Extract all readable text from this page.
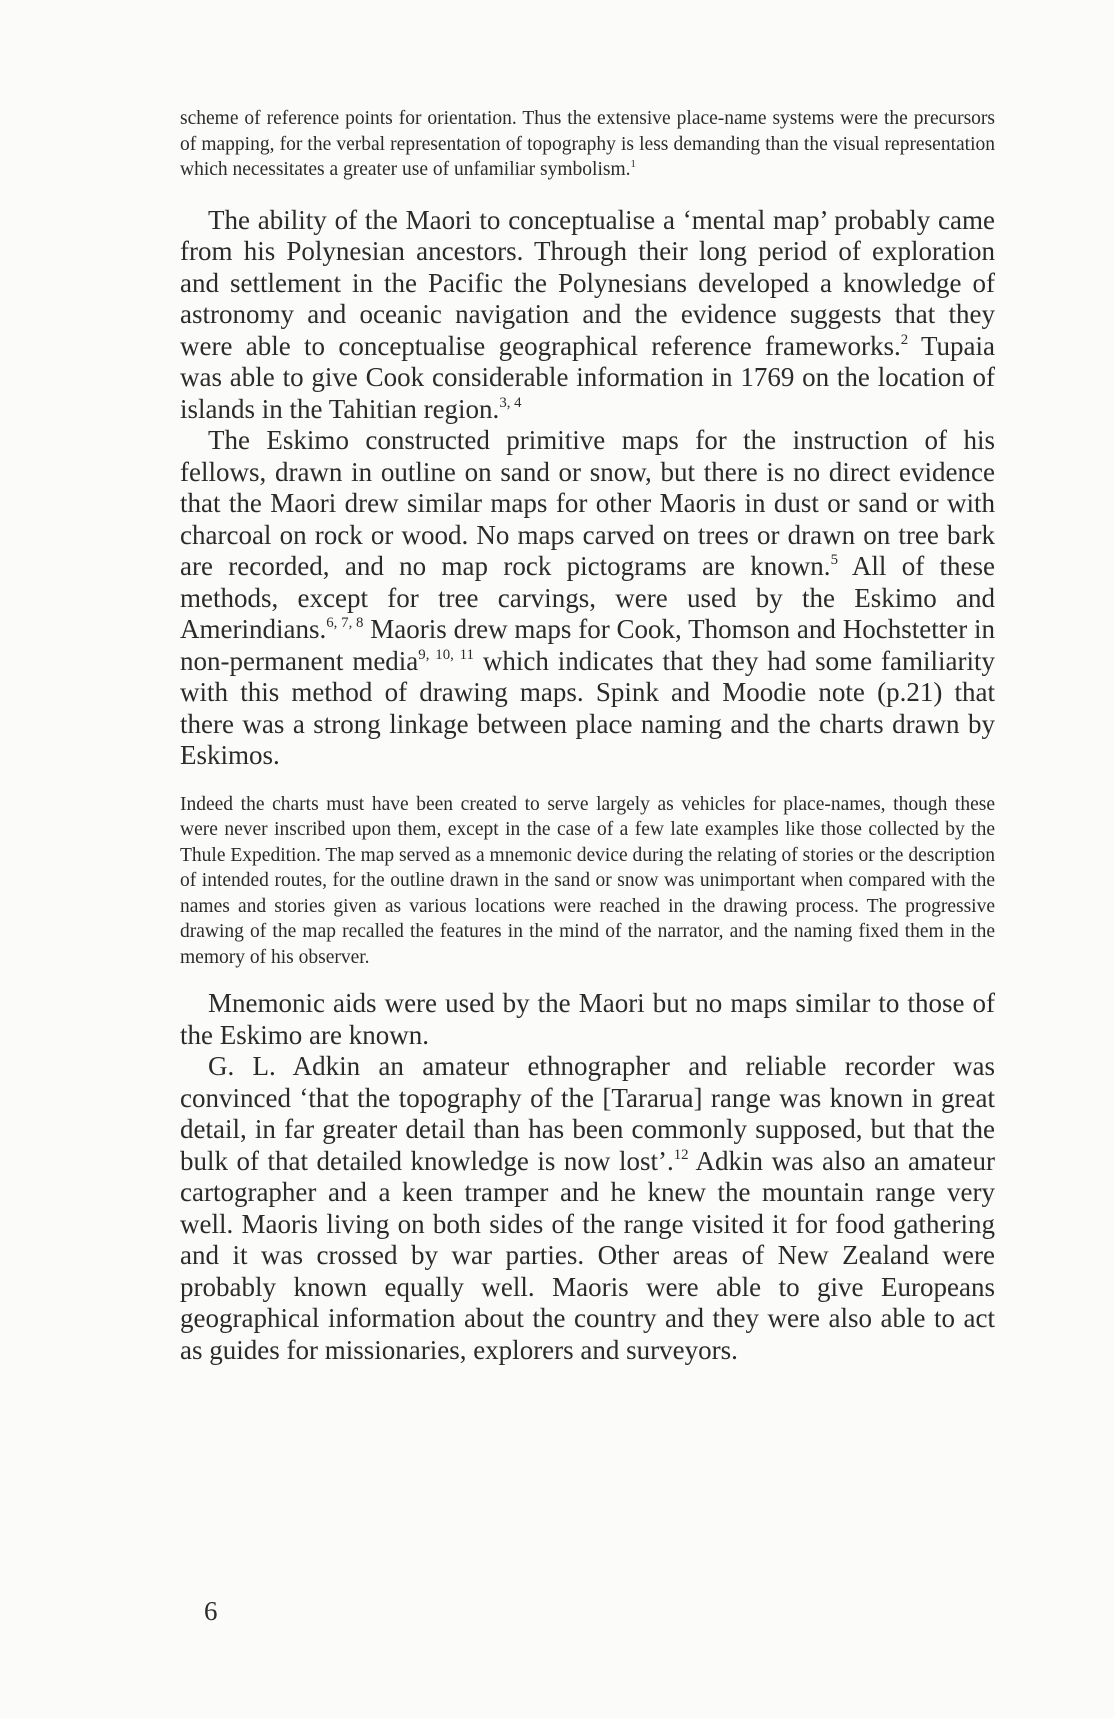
scheme of reference points for orientation. Thus the extensive place-name systems were the precursors of mapping, for the verbal representation of topography is less demanding than the visual representation which necessitates a greater use of unfamiliar symbolism.$^1$

The ability of the Maori to conceptualise a ‘mental map’ probably came from his Polynesian ancestors. Through their long period of exploration and settlement in the Pacific the Polynesians developed a knowledge of astronomy and oceanic navigation and the evidence suggests that they were able to conceptualise geographical reference frameworks.$^2$ Tupaia was able to give Cook considerable information in 1769 on the location of islands in the Tahitian region.$^{3, 4}$

The Eskimo constructed primitive maps for the instruction of his fellows, drawn in outline on sand or snow, but there is no direct evidence that the Maori drew similar maps for other Maoris in dust or sand or with charcoal on rock or wood. No maps carved on trees or drawn on tree bark are recorded, and no map rock pictograms are known.$^5$ All of these methods, except for tree carvings, were used by the Eskimo and Amerindians.$^{6, 7, 8}$ Maoris drew maps for Cook, Thomson and Hochstetter in non-permanent media$^{9, 10, 11}$ which indicates that they had some familiarity with this method of drawing maps. Spink and Moodie note (p.21) that there was a strong linkage between place naming and the charts drawn by Eskimos.

Indeed the charts must have been created to serve largely as vehicles for place-names, though these were never inscribed upon them, except in the case of a few late examples like those collected by the Thule Expedition. The map served as a mnemonic device during the relating of stories or the description of intended routes, for the outline drawn in the sand or snow was unimportant when compared with the names and stories given as various locations were reached in the drawing process. The progressive drawing of the map recalled the features in the mind of the narrator, and the naming fixed them in the memory of his observer.

Mnemonic aids were used by the Maori but no maps similar to those of the Eskimo are known.

G. L. Adkin an amateur ethnographer and reliable recorder was convinced ‘that the topography of the [Tararua] range was known in great detail, in far greater detail than has been commonly supposed, but that the bulk of that detailed knowledge is now lost’.$^{12}$ Adkin was also an amateur cartographer and a keen tramper and he knew the mountain range very well. Maoris living on both sides of the range visited it for food gathering and it was crossed by war parties. Other areas of New Zealand were probably known equally well. Maoris were able to give Europeans geographical information about the country and they were also able to act as guides for missionaries, explorers and surveyors.

6
